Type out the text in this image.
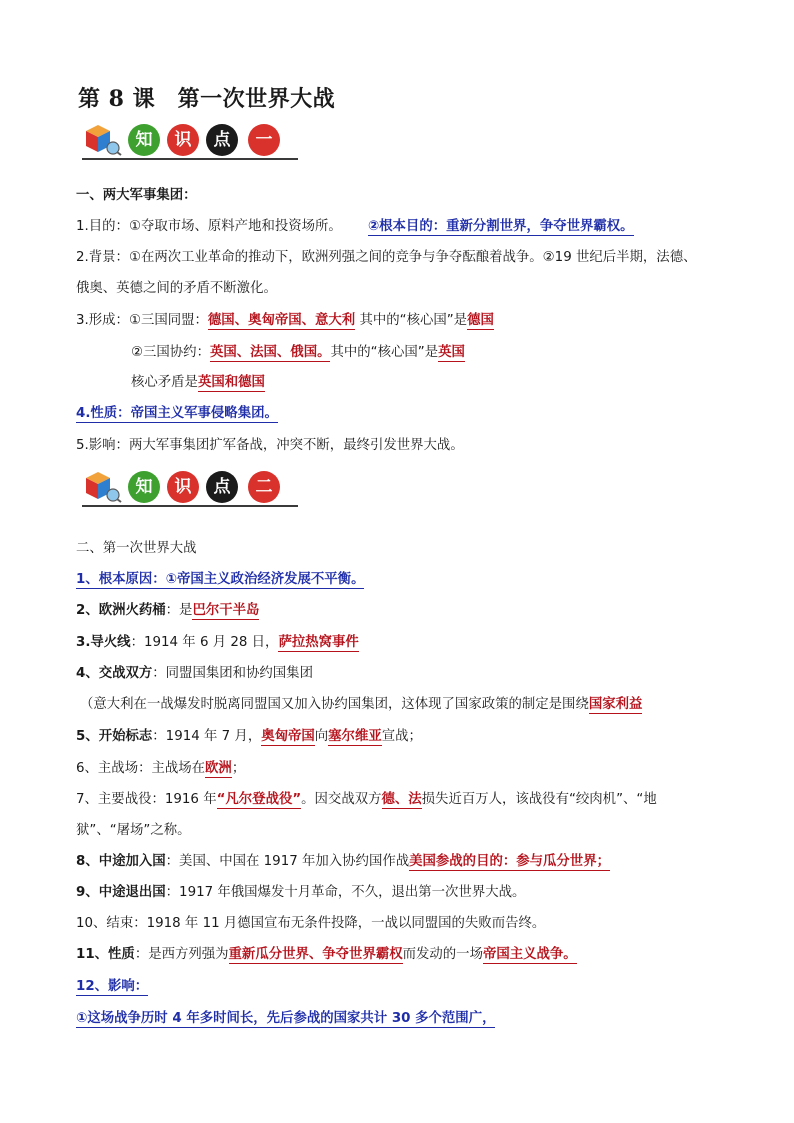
第 8 课　第一次世界大战
知	识	点	一
一、两大军事集团：
1.目的：①夺取市场、原料产地和投资场所。 ②根本目的：重新分割世界，争夺世界霸权。
2.背景：①在两次工业革命的推动下，欧洲列强之间的竞争与争夺酝酿着战争。②19 世纪后半期，法德、
俄奥、英德之间的矛盾不断激化。
3.形成：①三国同盟：德国、奥匈帝国、意大利 其中的“核心国”是德国
②三国协约：英国、法国、俄国。其中的“核心国”是英国
核心矛盾是英国和德国
4.性质：帝国主义军事侵略集团。
5.影响：两大军事集团扩军备战，冲突不断，最终引发世界大战。
知	识	点	二
二、第一次世界大战
1、根本原因：①帝国主义政治经济发展不平衡。
2、欧洲火药桶：是巴尔干半岛
3.导火线：1914 年 6 月 28 日，萨拉热窝事件
4、交战双方：同盟国集团和协约国集团
（意大利在一战爆发时脱离同盟国又加入协约国集团，这体现了国家政策的制定是围绕国家利益
5、开始标志：1914 年 7 月，奥匈帝国向塞尔维亚宣战；
6、主战场：主战场在欧洲；
7、主要战役：1916 年“凡尔登战役”。因交战双方德、法损失近百万人，该战役有“绞肉机”、“地
狱”、“屠场”之称。
8、中途加入国：美国、中国在 1917 年加入协约国作战美国参战的目的：参与瓜分世界；
9、中途退出国：1917 年俄国爆发十月革命，不久，退出第一次世界大战。
10、结束：1918 年 11 月德国宣布无条件投降，一战以同盟国的失败而告终。
11、性质：是西方列强为重新瓜分世界、争夺世界霸权而发动的一场帝国主义战争。
12、影响：
①这场战争历时 4 年多时间长，先后参战的国家共计 30 多个范围广，
